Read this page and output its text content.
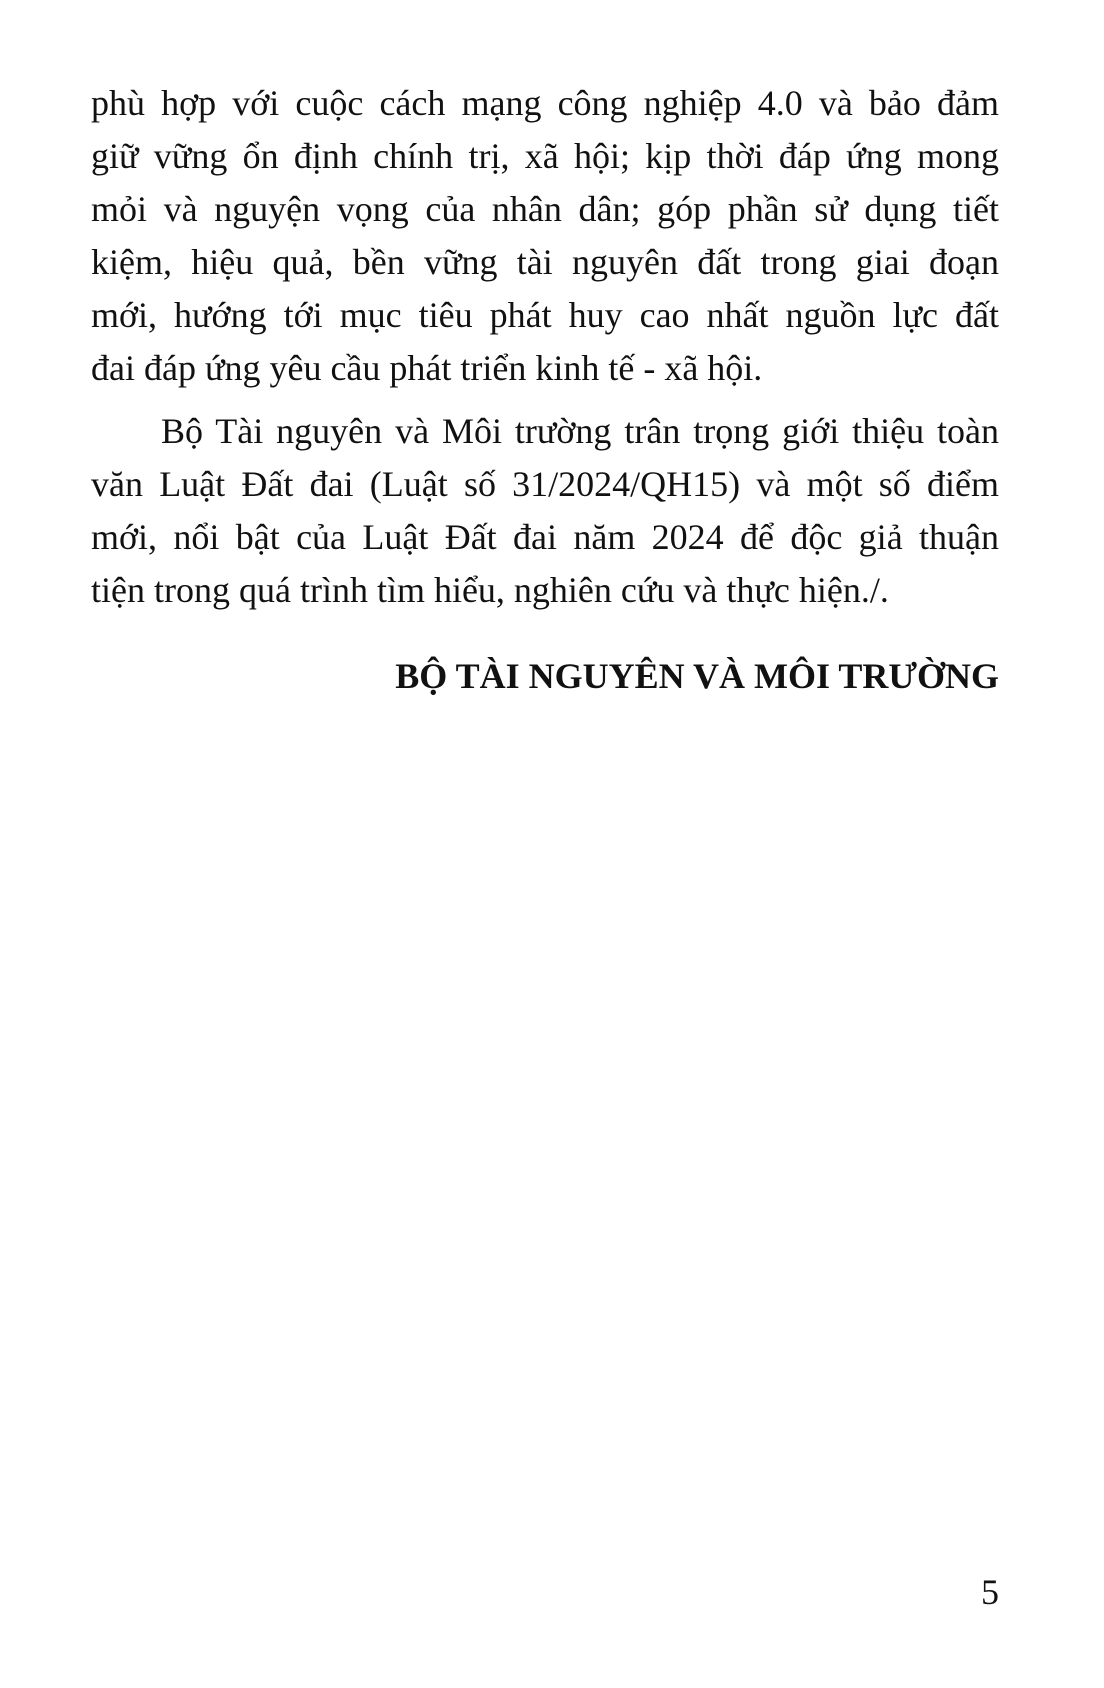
phù hợp với cuộc cách mạng công nghiệp 4.0 và bảo đảm
giữ vững ổn định chính trị, xã hội; kịp thời đáp ứng mong
mỏi và nguyện vọng của nhân dân; góp phần sử dụng tiết
kiệm, hiệu quả, bền vững tài nguyên đất trong giai đoạn
mới, hướng tới mục tiêu phát huy cao nhất nguồn lực đất
đai đáp ứng yêu cầu phát triển kinh tế - xã hội.
Bộ Tài nguyên và Môi trường trân trọng giới thiệu toàn
văn Luật Đất đai (Luật số 31/2024/QH15) và một số điểm
mới, nổi bật của Luật Đất đai năm 2024 để độc giả thuận
tiện trong quá trình tìm hiểu, nghiên cứu và thực hiện./.
BỘ TÀI NGUYÊN VÀ MÔI TRƯỜNG
5
